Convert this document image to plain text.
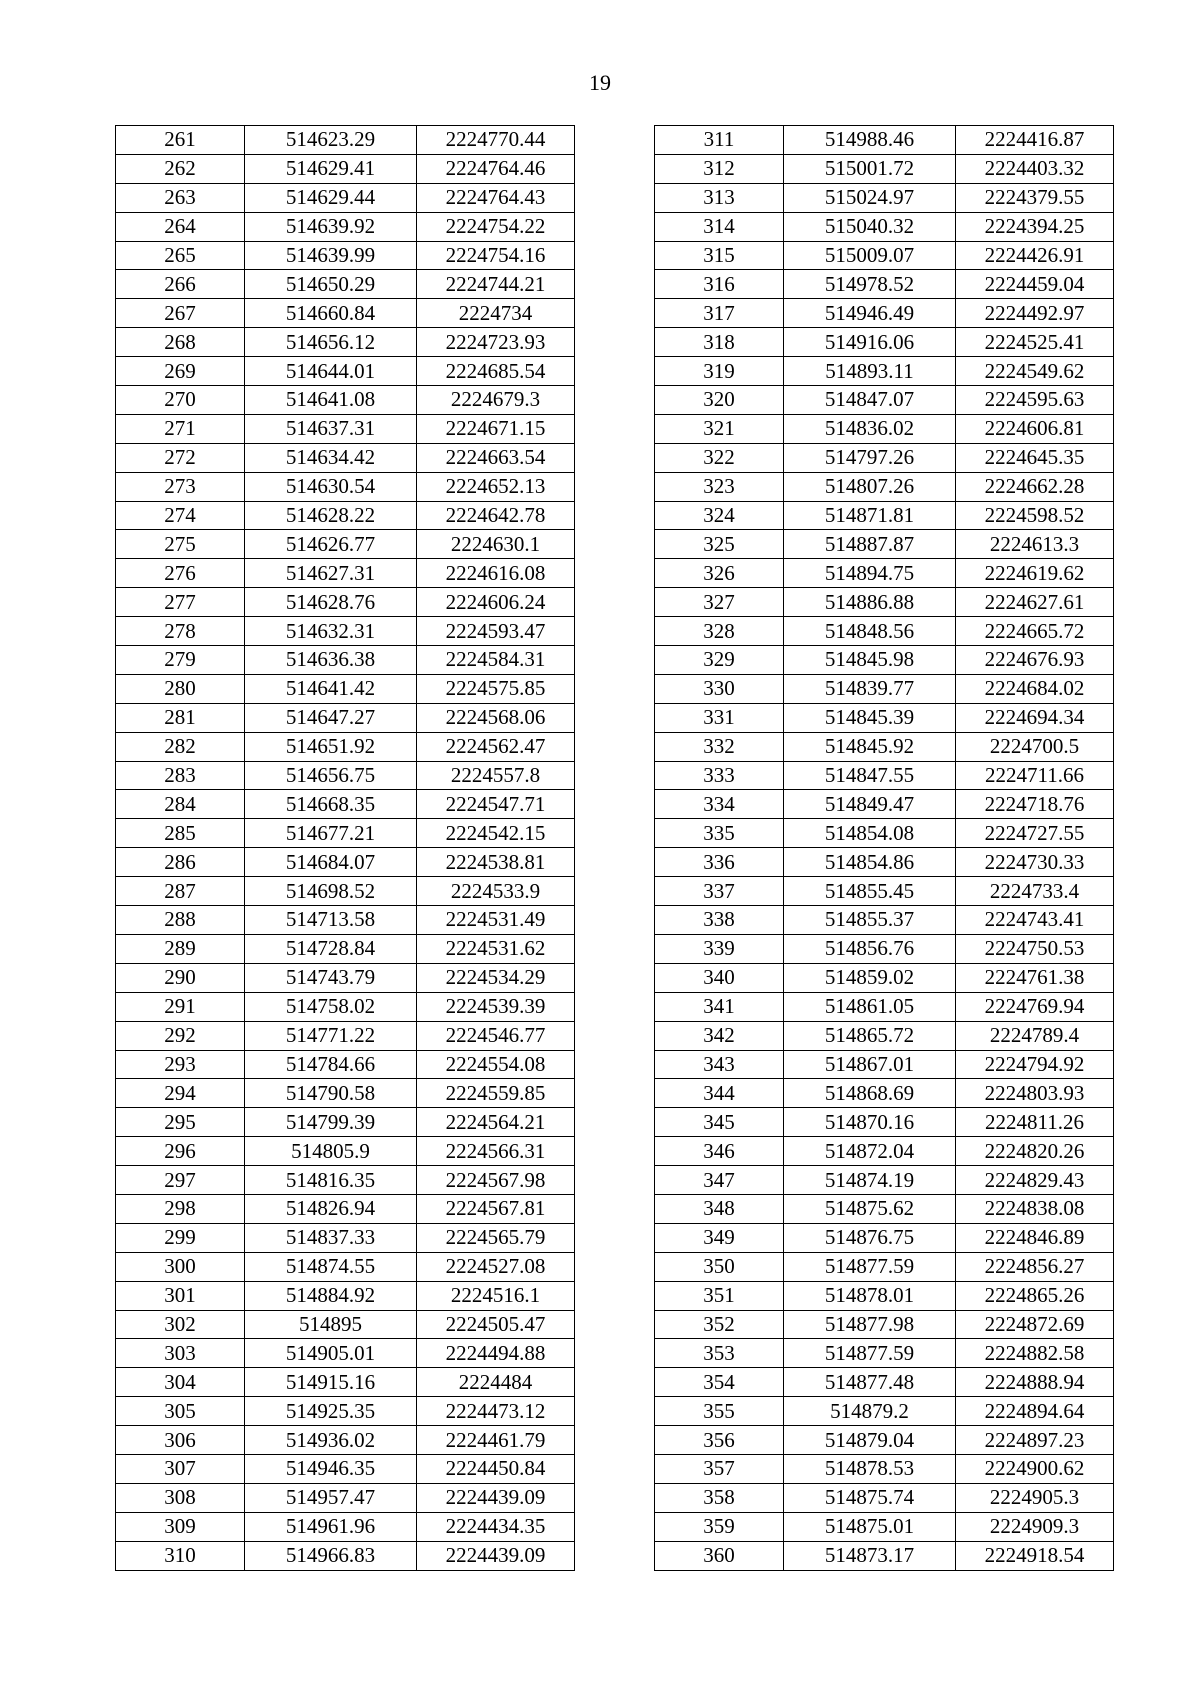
19
261	514623.29	2224770.44
262	514629.41	2224764.46
263	514629.44	2224764.43
264	514639.92	2224754.22
265	514639.99	2224754.16
266	514650.29	2224744.21
267	514660.84	2224734
268	514656.12	2224723.93
269	514644.01	2224685.54
270	514641.08	2224679.3
271	514637.31	2224671.15
272	514634.42	2224663.54
273	514630.54	2224652.13
274	514628.22	2224642.78
275	514626.77	2224630.1
276	514627.31	2224616.08
277	514628.76	2224606.24
278	514632.31	2224593.47
279	514636.38	2224584.31
280	514641.42	2224575.85
281	514647.27	2224568.06
282	514651.92	2224562.47
283	514656.75	2224557.8
284	514668.35	2224547.71
285	514677.21	2224542.15
286	514684.07	2224538.81
287	514698.52	2224533.9
288	514713.58	2224531.49
289	514728.84	2224531.62
290	514743.79	2224534.29
291	514758.02	2224539.39
292	514771.22	2224546.77
293	514784.66	2224554.08
294	514790.58	2224559.85
295	514799.39	2224564.21
296	514805.9	2224566.31
297	514816.35	2224567.98
298	514826.94	2224567.81
299	514837.33	2224565.79
300	514874.55	2224527.08
301	514884.92	2224516.1
302	514895	2224505.47
303	514905.01	2224494.88
304	514915.16	2224484
305	514925.35	2224473.12
306	514936.02	2224461.79
307	514946.35	2224450.84
308	514957.47	2224439.09
309	514961.96	2224434.35
310	514966.83	2224439.09
311	514988.46	2224416.87
312	515001.72	2224403.32
313	515024.97	2224379.55
314	515040.32	2224394.25
315	515009.07	2224426.91
316	514978.52	2224459.04
317	514946.49	2224492.97
318	514916.06	2224525.41
319	514893.11	2224549.62
320	514847.07	2224595.63
321	514836.02	2224606.81
322	514797.26	2224645.35
323	514807.26	2224662.28
324	514871.81	2224598.52
325	514887.87	2224613.3
326	514894.75	2224619.62
327	514886.88	2224627.61
328	514848.56	2224665.72
329	514845.98	2224676.93
330	514839.77	2224684.02
331	514845.39	2224694.34
332	514845.92	2224700.5
333	514847.55	2224711.66
334	514849.47	2224718.76
335	514854.08	2224727.55
336	514854.86	2224730.33
337	514855.45	2224733.4
338	514855.37	2224743.41
339	514856.76	2224750.53
340	514859.02	2224761.38
341	514861.05	2224769.94
342	514865.72	2224789.4
343	514867.01	2224794.92
344	514868.69	2224803.93
345	514870.16	2224811.26
346	514872.04	2224820.26
347	514874.19	2224829.43
348	514875.62	2224838.08
349	514876.75	2224846.89
350	514877.59	2224856.27
351	514878.01	2224865.26
352	514877.98	2224872.69
353	514877.59	2224882.58
354	514877.48	2224888.94
355	514879.2	2224894.64
356	514879.04	2224897.23
357	514878.53	2224900.62
358	514875.74	2224905.3
359	514875.01	2224909.3
360	514873.17	2224918.54
